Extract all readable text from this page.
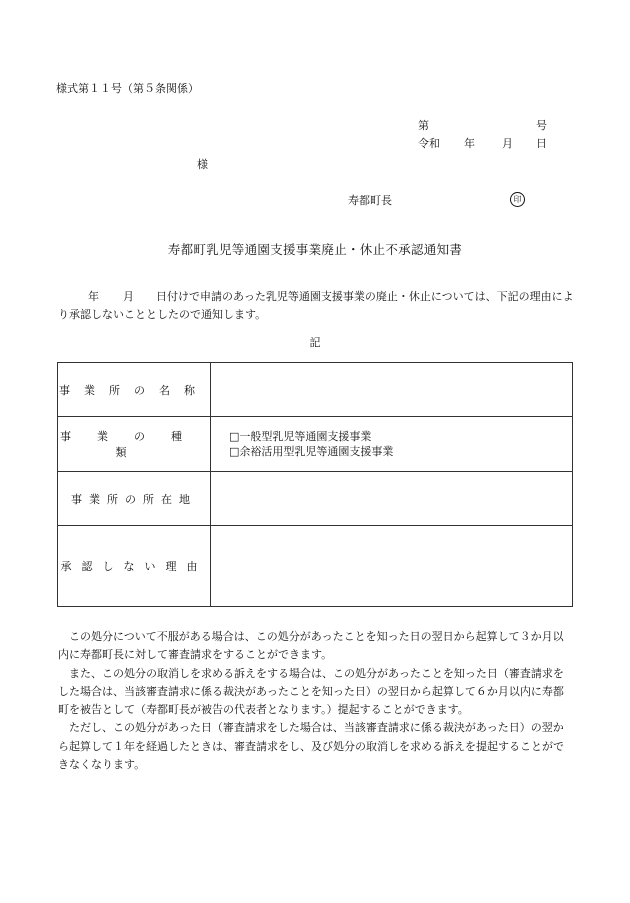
様式第１１号（第５条関係）
第	号
令和 年 月 日
様
寿都町長	印
寿都町乳児等通園支援事業廃止・休止不承認通知書
年 月 日付けで申請のあった乳児等通園支援事業の廃止・休止については、下記の理由により承認しないこととしたので通知します。
記
事業所の名称	
事業の種類	□一般型乳児等通園支援事業
□余裕活用型乳児等通園支援事業

事業所の所在地	
承認しない理由	

この処分について不服がある場合は、この処分があったことを知った日の翌日から起算して３か月以内に寿都町長に対して審査請求をすることができます。

また、この処分の取消しを求める訴えをする場合は、この処分があったことを知った日（審査請求をした場合は、当該審査請求に係る裁決があったことを知った日）の翌日から起算して６か月以内に寿都町を被告として（寿都町長が被告の代表者となります。）提起することができます。

ただし、この処分があった日（審査請求をした場合は、当該審査請求に係る裁決があった日）の翌から起算して１年を経過したときは、審査請求をし、及び処分の取消しを求める訴えを提起することができなくなります。
